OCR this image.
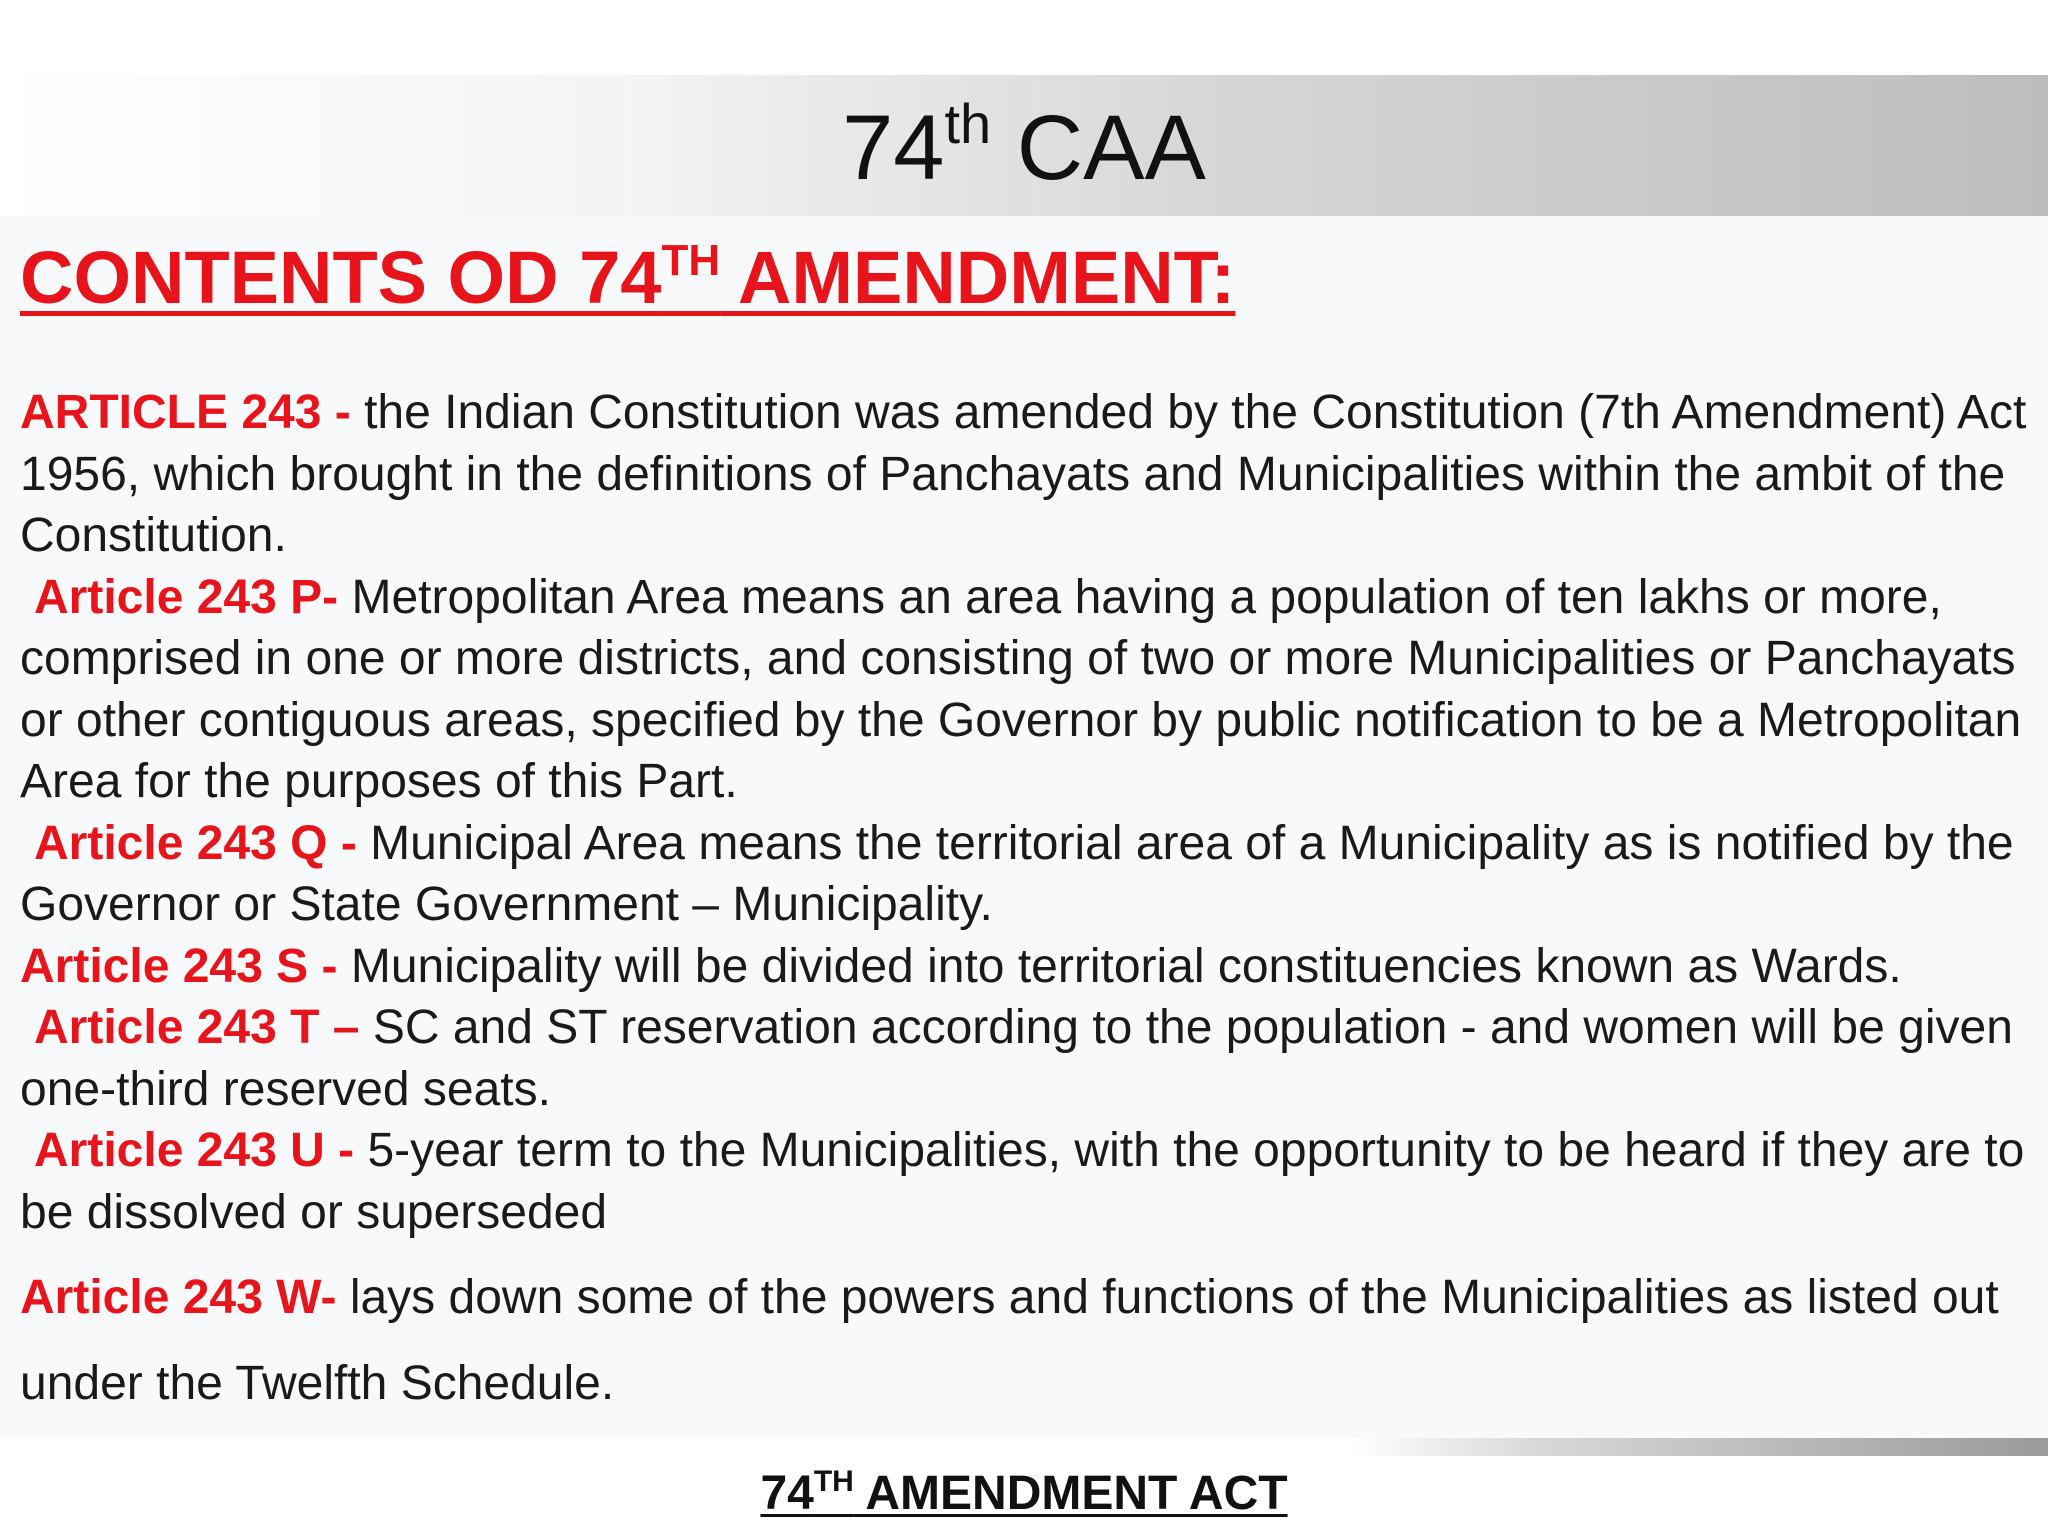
74th CAA
CONTENTS OD 74TH AMENDMENT:

ARTICLE 243 - the Indian Constitution was amended by the Constitution (7th Amendment) Act 1956, which brought in the definitions of Panchayats and Municipalities within the ambit of the Constitution.

Article 243 P- Metropolitan Area means an area having a population of ten lakhs or more, comprised in one or more districts, and consisting of two or more Municipalities or Panchayats or other contiguous areas, specified by the Governor by public notification to be a Metropolitan Area for the purposes of this Part.

Article 243 Q - Municipal Area means the territorial area of a Municipality as is notified by the Governor or State Government – Municipality.

Article 243 S - Municipality will be divided into territorial constituencies known as Wards.

Article 243 T – SC and ST reservation according to the population - and women will be given one-third reserved seats.

Article 243 U - 5-year term to the Municipalities, with the opportunity to be heard if they are to be dissolved or superseded

Article 243 W- lays down some of the powers and functions of the Municipalities as listed out under the Twelfth Schedule.

74TH AMENDMENT ACT
